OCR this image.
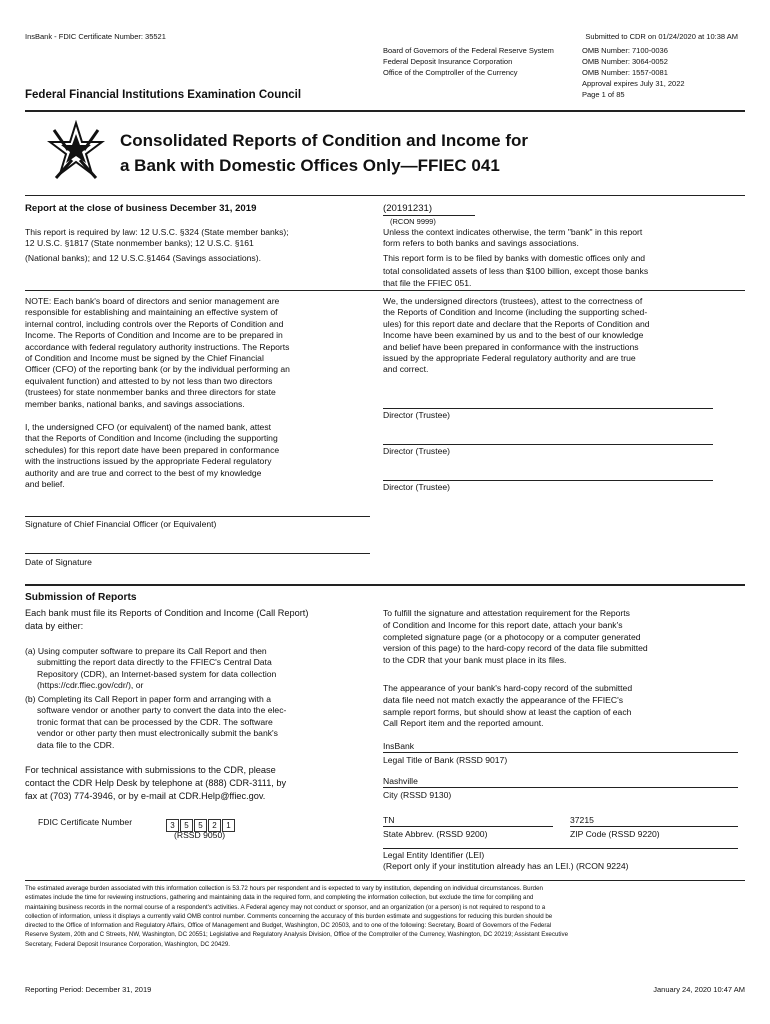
InsBank - FDIC Certificate Number: 35521	Submitted to CDR on 01/24/2020 at 10:38 AM
Board of Governors of the Federal Reserve System
Federal Deposit Insurance Corporation
Office of the Comptroller of the Currency
OMB Number: 7100-0036
OMB Number: 3064-0052
OMB Number: 1557-0081
Approval expires July 31, 2022
Page 1 of 85
Federal Financial Institutions Examination Council
Consolidated Reports of Condition and Income for
a Bank with Domestic Offices Only—FFIEC 041
Report at the close of business December 31, 2019	(20191231)
(RCON 9999)
This report is required by law: 12 U.S.C. §324 (State member banks);
12 U.S.C. §1817 (State nonmember banks); 12 U.S.C. §161
(National banks); and 12 U.S.C.§1464 (Savings associations).
Unless the context indicates otherwise, the term "bank" in this report
form refers to both banks and savings associations.
This report form is to be filed by banks with domestic offices only and
total consolidated assets of less than $100 billion, except those banks
that file the FFIEC 051.
NOTE: Each bank's board of directors and senior management are
responsible for establishing and maintaining an effective system of
internal control, including controls over the Reports of Condition and
Income. The Reports of Condition and Income are to be prepared in
accordance with federal regulatory authority instructions. The Reports
of Condition and Income must be signed by the Chief Financial
Officer (CFO) of the reporting bank (or by the individual performing an
equivalent function) and attested to by not less than two directors
(trustees) for state nonmember banks and three directors for state
member banks, national banks, and savings associations.
I, the undersigned CFO (or equivalent) of the named bank, attest
that the Reports of Condition and Income (including the supporting
schedules) for this report date have been prepared in conformance
with the instructions issued by the appropriate Federal regulatory
authority and are true and correct to the best of my knowledge
and belief.
We, the undersigned directors (trustees), attest to the correctness of
the Reports of Condition and Income (including the supporting sched-
ules) for this report date and declare that the Reports of Condition and
Income have been examined by us and to the best of our knowledge
and belief have been prepared in conformance with the instructions
issued by the appropriate Federal regulatory authority and are true
and correct.
Director (Trustee)
Director (Trustee)
Director (Trustee)
Signature of Chief Financial Officer (or Equivalent)
Date of Signature
Submission of Reports
Each bank must file its Reports of Condition and Income (Call Report)
data by either:
(a) Using computer software to prepare its Call Report and then
submitting the report data directly to the FFIEC's Central Data
Repository (CDR), an Internet-based system for data collection
(https://cdr.ffiec.gov/cdr/), or
(b) Completing its Call Report in paper form and arranging with a
software vendor or another party to convert the data into the elec-
tronic format that can be processed by the CDR. The software
vendor or other party then must electronically submit the bank's
data file to the CDR.
For technical assistance with submissions to the CDR, please
contact the CDR Help Desk by telephone at (888) CDR-3111, by
fax at (703) 774-3946, or by e-mail at CDR.Help@ffiec.gov.
FDIC Certificate Number	3 5 5 2 1
(RSSD 9050)
To fulfill the signature and attestation requirement for the Reports
of Condition and Income for this report date, attach your bank's
completed signature page (or a photocopy or a computer generated
version of this page) to the hard-copy record of the data file submitted
to the CDR that your bank must place in its files.
The appearance of your bank's hard-copy record of the submitted
data file need not match exactly the appearance of the FFIEC's
sample report forms, but should show at least the caption of each
Call Report item and the reported amount.
InsBank
Legal Title of Bank (RSSD 9017)
Nashville
City (RSSD 9130)
TN
State Abbrev. (RSSD 9200)
37215
ZIP Code (RSSD 9220)
Legal Entity Identifier (LEI)
(Report only if your institution already has an LEI.) (RCON 9224)
The estimated average burden associated with this information collection is 53.72 hours per respondent and is expected to vary by institution, depending on individual circumstances. Burden
estimates include the time for reviewing instructions, gathering and maintaining data in the required form, and completing the information collection, but exclude the time for compiling and
maintaining business records in the normal course of a respondent's activities. A Federal agency may not conduct or sponsor, and an organization (or a person) is not required to respond to a
collection of information, unless it displays a currently valid OMB control number. Comments concerning the accuracy of this burden estimate and suggestions for reducing this burden should be
directed to the Office of Information and Regulatory Affairs, Office of Management and Budget, Washington, DC 20503, and to one of the following: Secretary, Board of Governors of the Federal
Reserve System, 20th and C Streets, NW, Washington, DC 20551; Legislative and Regulatory Analysis Division, Office of the Comptroller of the Currency, Washington, DC 20219; Assistant Executive
Secretary, Federal Deposit Insurance Corporation, Washington, DC 20429.
Reporting Period: December 31, 2019	January 24, 2020 10:47 AM
